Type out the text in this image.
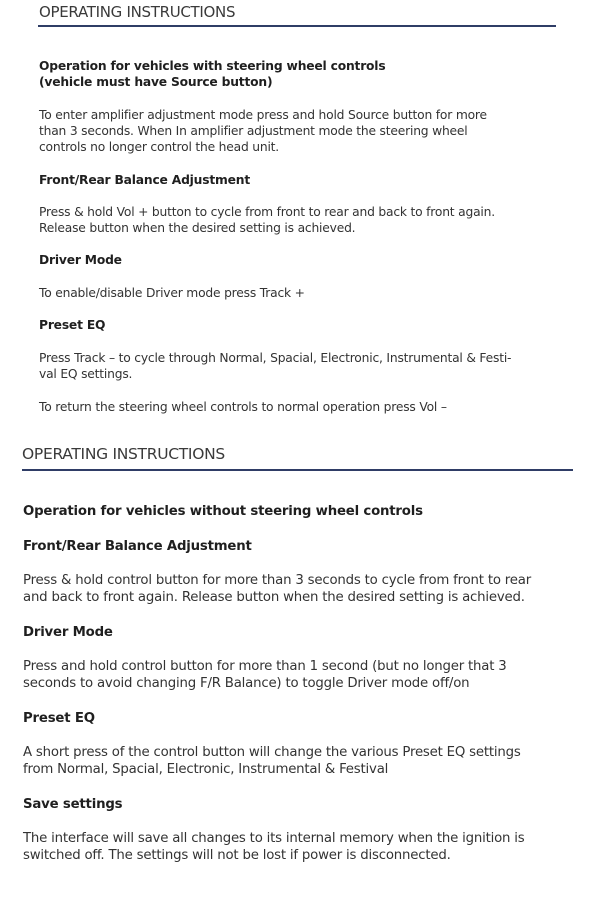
OPERATING INSTRUCTIONS
Operation for vehicles with steering wheel controls
(vehicle must have Source button)
To enter amplifier adjustment mode press and hold Source button for more
than 3 seconds. When In amplifier adjustment mode the steering wheel
controls no longer control the head unit.
Front/Rear Balance Adjustment
Press & hold Vol + button to cycle from front to rear and back to front again.
Release button when the desired setting is achieved.
Driver Mode
To enable/disable Driver mode press Track +
Preset EQ
Press Track – to cycle through Normal, Spacial, Electronic, Instrumental & Festi-
val EQ settings.
To return the steering wheel controls to normal operation press Vol –
OPERATING INSTRUCTIONS
Operation for vehicles without steering wheel controls
Front/Rear Balance Adjustment
Press & hold control button for more than 3 seconds to cycle from front to rear
and back to front again. Release button when the desired setting is achieved.
Driver Mode
Press and hold control button for more than 1 second (but no longer that 3
seconds to avoid changing F/R Balance) to toggle Driver mode off/on
Preset EQ
A short press of the control button will change the various Preset EQ settings
from Normal, Spacial, Electronic, Instrumental & Festival
Save settings
The interface will save all changes to its internal memory when the ignition is
switched off. The settings will not be lost if power is disconnected.
